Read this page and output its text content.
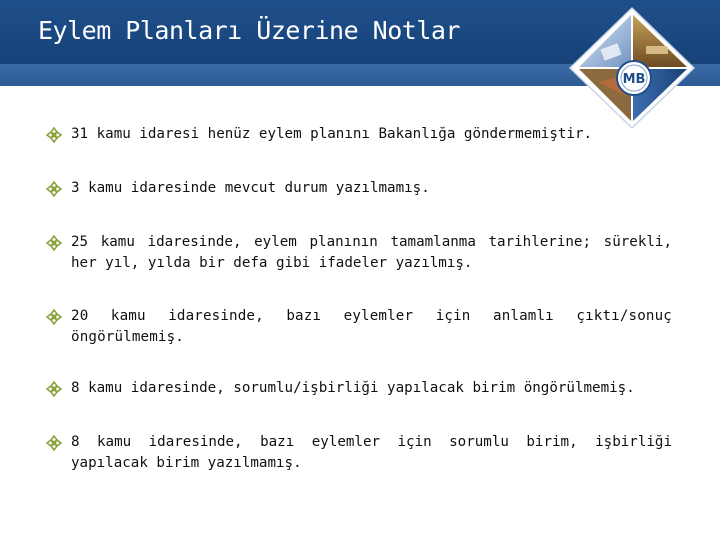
Eylem Planları Üzerine Notlar
MB
31 kamu idaresi henüz eylem planını Bakanlığa göndermemiştir.
3 kamu idaresinde mevcut durum yazılmamış.
25 kamu idaresinde, eylem planının tamamlanma tarihlerine; sürekli, her yıl, yılda bir defa gibi ifadeler yazılmış.
20 kamu idaresinde, bazı eylemler için anlamlı çıktı/sonuç öngörülmemiş.
8 kamu idaresinde, sorumlu/işbirliği yapılacak birim öngörülmemiş.
8 kamu idaresinde, bazı eylemler için sorumlu birim, işbirliği yapılacak birim yazılmamış.
